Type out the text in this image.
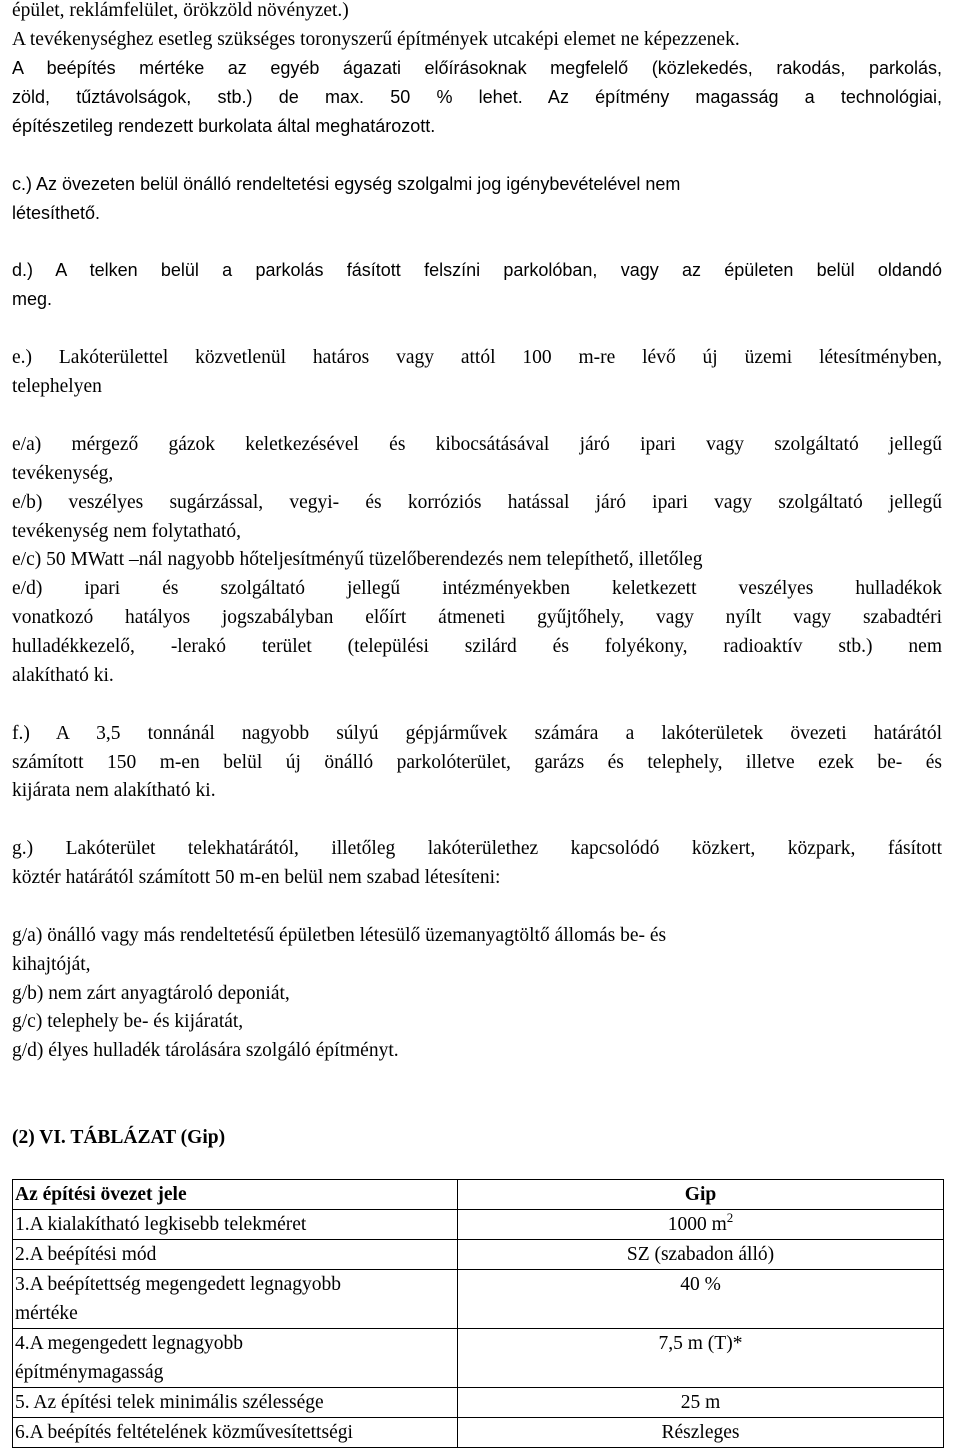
épület, reklámfelület, örökzöld növényzet.)
A tevékenységhez esetleg szükséges toronyszerű építmények utcaképi elemet ne képezzenek.
A beépítés mértéke az egyéb ágazati előírásoknak megfelelő (közlekedés, rakodás, parkolás,
zöld, tűztávolságok, stb.) de max. 50 % lehet. Az építmény magasság a technológiai,
építészetileg rendezett burkolata által meghatározott.
c.) Az övezeten belül önálló rendeltetési egység szolgalmi jog igénybevételével nem
létesíthető.
d.) A telken belül a parkolás fásított felszíni parkolóban, vagy az épületen belül oldandó
meg.
e.) Lakóterülettel közvetlenül határos vagy attól 100 m-re lévő új üzemi létesítményben,
telephelyen
e/a) mérgező gázok keletkezésével és kibocsátásával járó ipari vagy szolgáltató jellegű
tevékenység,
e/b) veszélyes sugárzással, vegyi- és korróziós hatással járó ipari vagy szolgáltató jellegű
tevékenység nem folytatható,
e/c) 50 MWatt –nál nagyobb hőteljesítményű tüzelőberendezés nem telepíthető, illetőleg
e/d) ipari és szolgáltató jellegű intézményekben keletkezett veszélyes hulladékok
vonatkozó hatályos jogszabályban előírt átmeneti gyűjtőhely, vagy nyílt vagy szabadtéri
hulladékkezelő, -lerakó terület (települési szilárd és folyékony, radioaktív stb.) nem
alakítható ki.
f.) A 3,5 tonnánál nagyobb súlyú gépjárművek számára a lakóterületek övezeti határától
számított 150 m-en belül új önálló parkolóterület, garázs és telephely, illetve ezek be- és
kijárata nem alakítható ki.
g.) Lakóterület telekhatárától, illetőleg lakóterülethez kapcsolódó közkert, közpark, fásított
köztér határától számított 50 m-en belül nem szabad létesíteni:
g/a) önálló vagy más rendeltetésű épületben létesülő üzemanyagtöltő állomás be- és
kihajtóját,
g/b) nem zárt anyagtároló deponiát,
g/c) telephely be- és kijáratát,
g/d) élyes hulladék tárolására szolgáló építményt.
(2) VI. TÁBLÁZAT (Gip)
Az építési övezet jele	Gip
1.A kialakítható legkisebb telekméret	1000 $m^2$
2.A beépítési mód	SZ (szabadon álló)

3.A beépítettség megengedett legnagyobb
mértéke	40 %

4.A megengedett legnagyobb
építménymagasság	7,5 m (T)*
5. Az építési telek minimális szélessége	25 m
6.A beépítés feltételének közművesítettségi	Részleges
